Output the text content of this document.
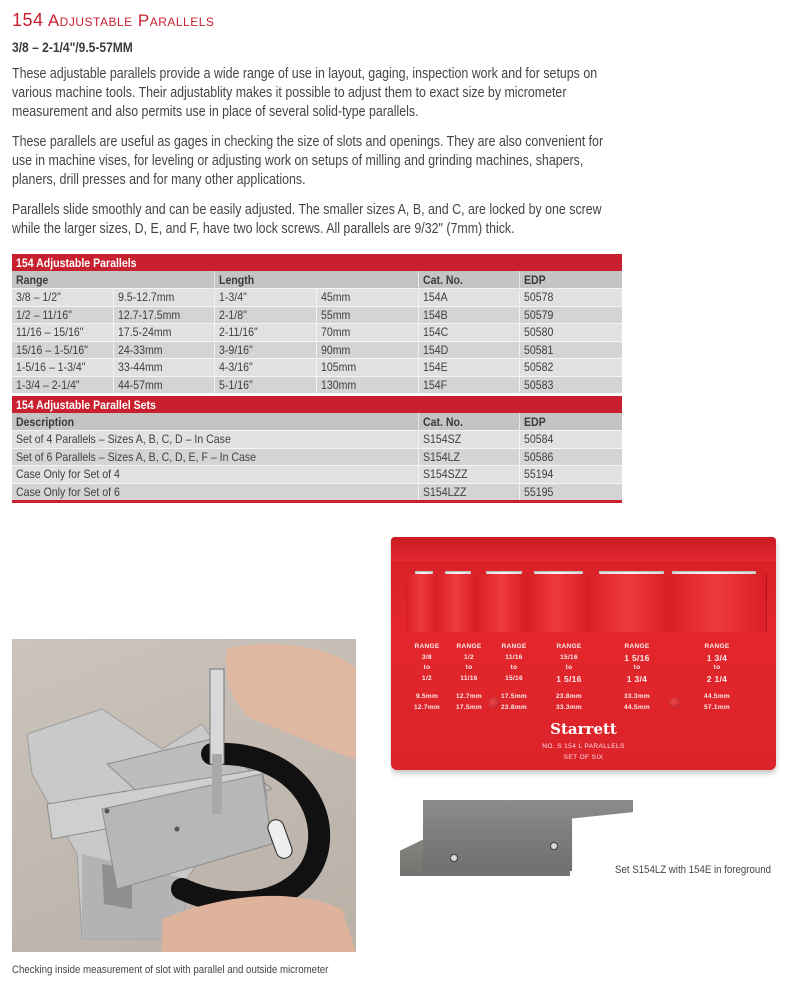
154 Adjustable Parallels
3/8 – 2-1/4"/9.5-57MM

These adjustable parallels provide a wide range of use in layout, gaging, inspection work and for setups on various machine tools. Their adjustablity makes it possible to adjust them to exact size by micrometer measurement and also permits use in place of several solid-type parallels.

These parallels are useful as gages in checking the size of slots and openings. They are also convenient for use in machine vises, for leveling or adjusting work on setups of milling and grinding machines, shapers, planers, drill presses and for many other applications.

Parallels slide smoothly and can be easily adjusted. The smaller sizes A, B, and C, are locked by one screw while the larger sizes, D, E, and F, have two lock screws. All parallels are 9/32" (7mm) thick.

154 Adjustable Parallels					
Range		Length		Cat. No.	EDP
3/8 – 1/2"	9.5-12.7mm	1-3/4"	45mm	154A	50578
1/2 – 11/16"	12.7-17.5mm	2-1/8"	55mm	154B	50579
11/16 – 15/16"	17.5-24mm	2-11/16"	70mm	154C	50580
15/16 – 1-5/16"	24-33mm	3-9/16"	90mm	154D	50581
1-5/16 – 1-3/4"	33-44mm	4-3/16"	105mm	154E	50582
1-3/4 – 2-1/4"	44-57mm	5-1/16"	130mm	154F	50583
154 Adjustable Parallel Sets		
Description	Cat. No.	EDP
Set of 4 Parallels – Sizes A, B, C, D – In Case	S154SZ	50584
Set of 6 Parallels – Sizes A, B, C, D, E, F – In Case	S154LZ	50586
Case Only for Set of 4	S154SZZ	55194
Case Only for Set of 6	S154LZZ	55195

Checking inside measurement of slot with parallel and outside micrometer
RANGE
3/8
to
1/2
9.5mm
12.7mm
RANGE
1/2
to
11/16
12.7mm
17.5mm
RANGE
11/16
to
15/16
17.5mm
23.8mm
RANGE
15/16
to
1 5/16
23.8mm
33.3mm
RANGE
1 5/16
to
1 3/4
33.3mm
44.5mm
RANGE
1 3/4
to
2 1/4
44.5mm
57.1mm
Starrett
NO. S 154 L PARALLELS
SET OF SIX
Set S154LZ with 154E in foreground
